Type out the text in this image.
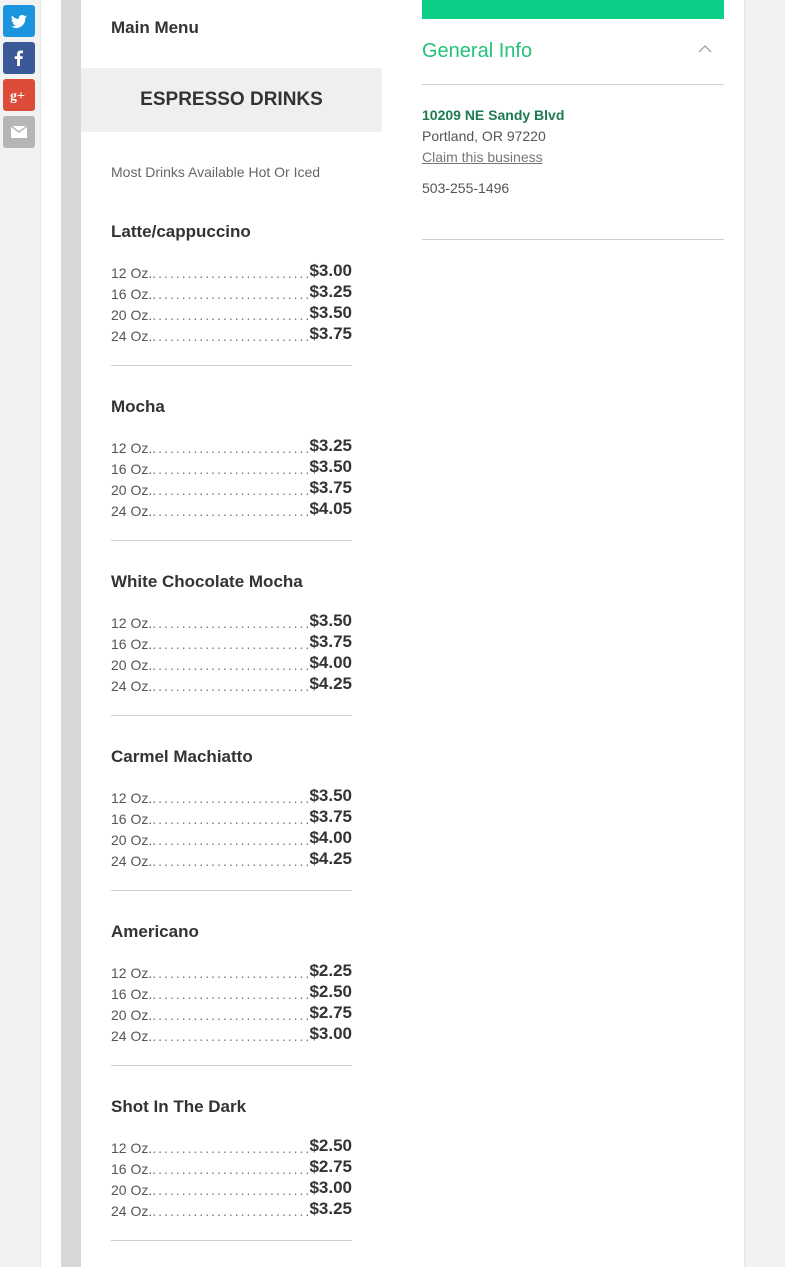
g+
Main Menu
ESPRESSO DRINKS
Most Drinks Available Hot Or Iced
Latte/cappuccino
12 Oz. .....	$3.00
16 Oz. .....	$3.25
20 Oz. .....	$3.50
24 Oz. .....	$3.75
Mocha
12 Oz. .....	$3.25
16 Oz. .....	$3.50
20 Oz. .....	$3.75
24 Oz. .....	$4.05
White Chocolate Mocha
12 Oz. .....	$3.50
16 Oz. .....	$3.75
20 Oz. .....	$4.00
24 Oz. .....	$4.25
Carmel Machiatto
12 Oz. .....	$3.50
16 Oz. .....	$3.75
20 Oz. .....	$4.00
24 Oz. .....	$4.25
Americano
12 Oz. .....	$2.25
16 Oz. .....	$2.50
20 Oz. .....	$2.75
24 Oz. .....	$3.00
Shot In The Dark
12 Oz. .....	$2.50
16 Oz. .....	$2.75
20 Oz. .....	$3.00
24 Oz. .....	$3.25
General Info
10209 NE Sandy Blvd
Portland, OR 97220
Claim this business
503-255-1496
